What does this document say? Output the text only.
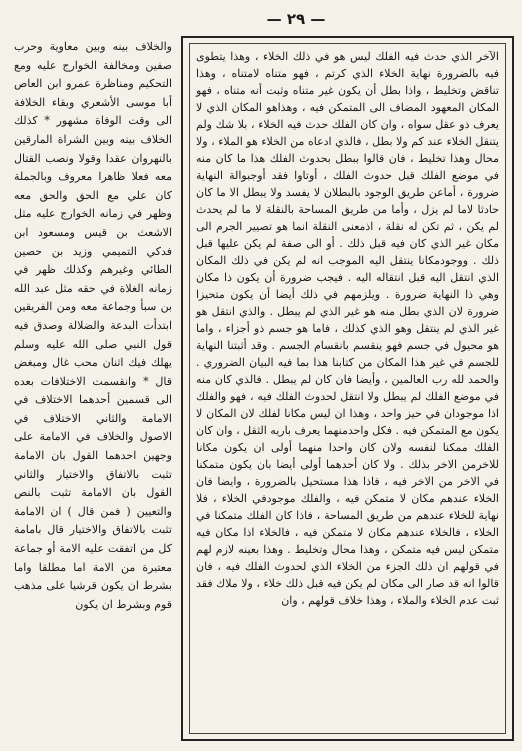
— ٢٩ —

الآخر الذي حدث فيه الفلك ليس هو في ذلك الخلاء ، وهذا يتطوى فيه بالضرورة نهاية الخلاء الذي كرتم ، فهو متناه لامتناه ، وهذا تناقض وتخليط ، واذا بطل أن يكون غير متناه وثبت أنه متناه ، فهو المكان المعهود المضاف الى المتمكن فيه ، وهذاهو المكان الذي لا يعرف ذو عقل سواه ، وان كان الفلك حدث فيه الخلاء ، بلا شك ولم يتنقل الخلاء عند كم ولا بطل ، فالذي ادعاه من الخلاء هو الملاء ، ولا محال وهذا تخليط ، فان قالوا ببطل بحدوث الفلك هذا ما كان منه في موضع الفلك قبل حدوث الفلك ، أوتاوا فقد أوجبوالة النهاية ضرورة ، أماعن طريق الوجود بالبطلان لا يفسد ولا يبطل الا ما كان حادثا لاما لم يزل ، وأما من طريق المساحة بالنقلة لا ما لم يحدث لم يكن ، ثم تكن له نقلة ، اذمعنى النقلة انما هو تصيير الجرم الى مكان غير الذي كان فيه قبل ذلك . أو الى صفة لم يكن عليها قبل ذلك . ووجودمكانا ينتقل اليه الموجب انه لم يكن في ذلك المكان الذي انتقل اليه قبل انتقاله اليه . فيجب ضرورة أن يكون ذا مكان وهي ذا النهاية ضرورة . ويلزمهم في ذلك أيضا أن يكون متحيزا ضرورة لان الذي بطل منه هو غير الذي لم يبطل . والذي انتقل هو غير الذي لم ينتقل وهو الذي كذلك ، فاما هو جسم ذو أجزاء ، واما هو محيول في جسم فهو ينقسم بانقسام الجسم . وقد أثبتنا النهاية للجسم في غير هذا المكان من كتابنا هذا بما فيه البيان الضروري . والحمد لله رب العالمين ، وأيضا فان كان لم يبطل . فالذي كان منه في موضع الفلك لم يبطل ولا انتقل لحدوث الفلك فيه ، فهو والفلك اذا موجودان في حيز واحد ، وهذا ان ليس مكانا لفلك لان المكان لا يكون مع المتمكن فيه . فكل واحدمنهما يعرف باريه الثقل ، وان كان الفلك ممكنا لنفسه ولان كان واحدا منهما أولى ان يكون مكانا للاخرمن الاخر بذلك . ولا كان أحدهما أولى أيضا بان يكون متمكنا في الاخر من الاخر فيه ، فاذا هذا مستحيل بالضرورة ، وايضا فان الخلاء عندهم مكان لا متمكن فيه ، والفلك موجودفي الخلاء ، فلا نهاية للخلاء عندهم من طريق المساحة ، فاذا كان الفلك متمكنا في الخلاء ، فالخلاء عندهم مكان لا متمكن فيه ، فالخلاء اذا مكان فيه متمكن ليس فيه متمكن ، وهذا محال وتخليط . وهذا بعينه لازم لهم في قولهم ان ذلك الجزء من الخلاء الذي لحدوث الفلك فيه ، فان قالوا انه قد صار الى مكان لم يكن فيه قبل ذلك خلاء ، ولا ملاك فقد ثبت عدم الخلاء والملاء ، وهذا خلاف قولهم ، وان

والخلاف بينه وبين معاوية وحرب صفين ومخالفة الخوارج عليه ومع التحكيم ومناظرة عمرو ابن العاص أبا موسى الأشعري وبقاء الخلافة الى وقت الوفاة مشهور * كذلك الخلاف بينه وبين الشراة المارقين بالنهروان عقدا وقولا ونصب القتال معه فعلا ظاهرا معروف وبالجملة كان علي مع الحق والحق معه وظهر في زمانه الخوارج عليه مثل الاشعث بن قيس ومسعود ابن فدكي التميمي وزيد بن حصين الطائي وغيرهم وكذلك ظهر في زمانه الغلاة في حقه مثل عبد الله بن سبأ وجماعة معه ومن الفريقين ابتدأت البدعة والضلالة وصدق فيه قول النبي صلى الله عليه وسلم يهلك فيك اثنان محب غال ومبغض قال * وانقسمت الاختلافات بعده الى قسمين أحدهما الاختلاف في الامامة والثاني الاختلاف في الاصول والخلاف في الامامة على وجهين احدهما القول بان الامامة تثبت بالاتفاق والاختيار والثاني القول بان الامامة تثبت بالنص والتعيين ( فمن قال ) ان الامامة تثبت بالاتفاق والاختيار قال بامامة كل من اتفقت عليه الامة أو جماعة معتبرة من الامة اما مطلقا واما بشرط ان يكون قرشيا على مذهب قوم وبشرط ان يكون
